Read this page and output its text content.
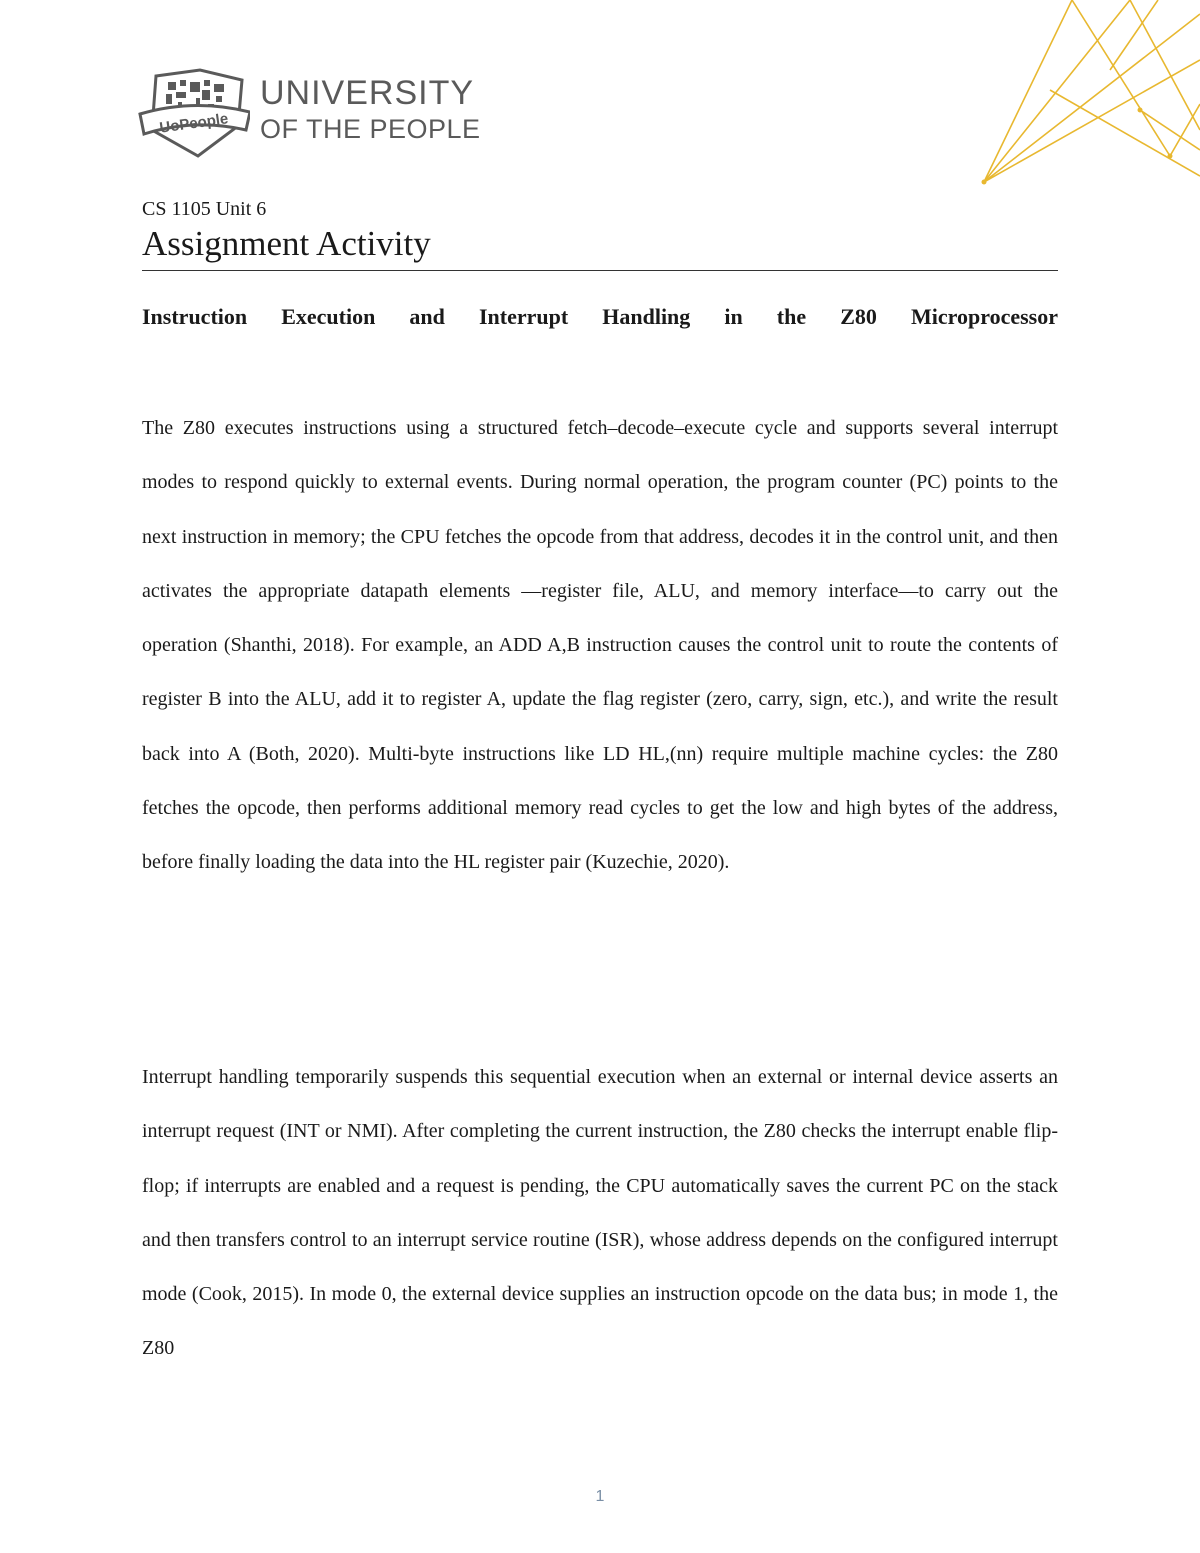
UoPeople
UNIVERSITY
OF THE PEOPLE
CS 1105 Unit 6
Assignment Activity
Instruction Execution and Interrupt Handling in the Z80 Microprocessor

The Z80 executes instructions using a structured fetch–decode–execute cycle and supports several interrupt modes to respond quickly to external events. During normal operation, the program counter (PC) points to the next instruction in memory; the CPU fetches the opcode from that address, decodes it in the control unit, and then activates the appropriate datapath elements —register file, ALU, and memory interface—to carry out the operation (Shanthi, 2018). For example, an ADD A,B instruction causes the control unit to route the contents of register B into the ALU, add it to register A, update the flag register (zero, carry, sign, etc.), and write the result back into A (Both, 2020). Multi-byte instructions like LD HL,(nn) require multiple machine cycles: the Z80 fetches the opcode, then performs additional memory read cycles to get the low and high bytes of the address, before finally loading the data into the HL register pair (Kuzechie, 2020).

Interrupt handling temporarily suspends this sequential execution when an external or internal device asserts an interrupt request (INT or NMI). After completing the current instruction, the Z80 checks the interrupt enable flip-flop; if interrupts are enabled and a request is pending, the CPU automatically saves the current PC on the stack and then transfers control to an interrupt service routine (ISR), whose address depends on the configured interrupt mode (Cook, 2015). In mode 0, the external device supplies an instruction opcode on the data bus; in mode 1, the Z80

1
